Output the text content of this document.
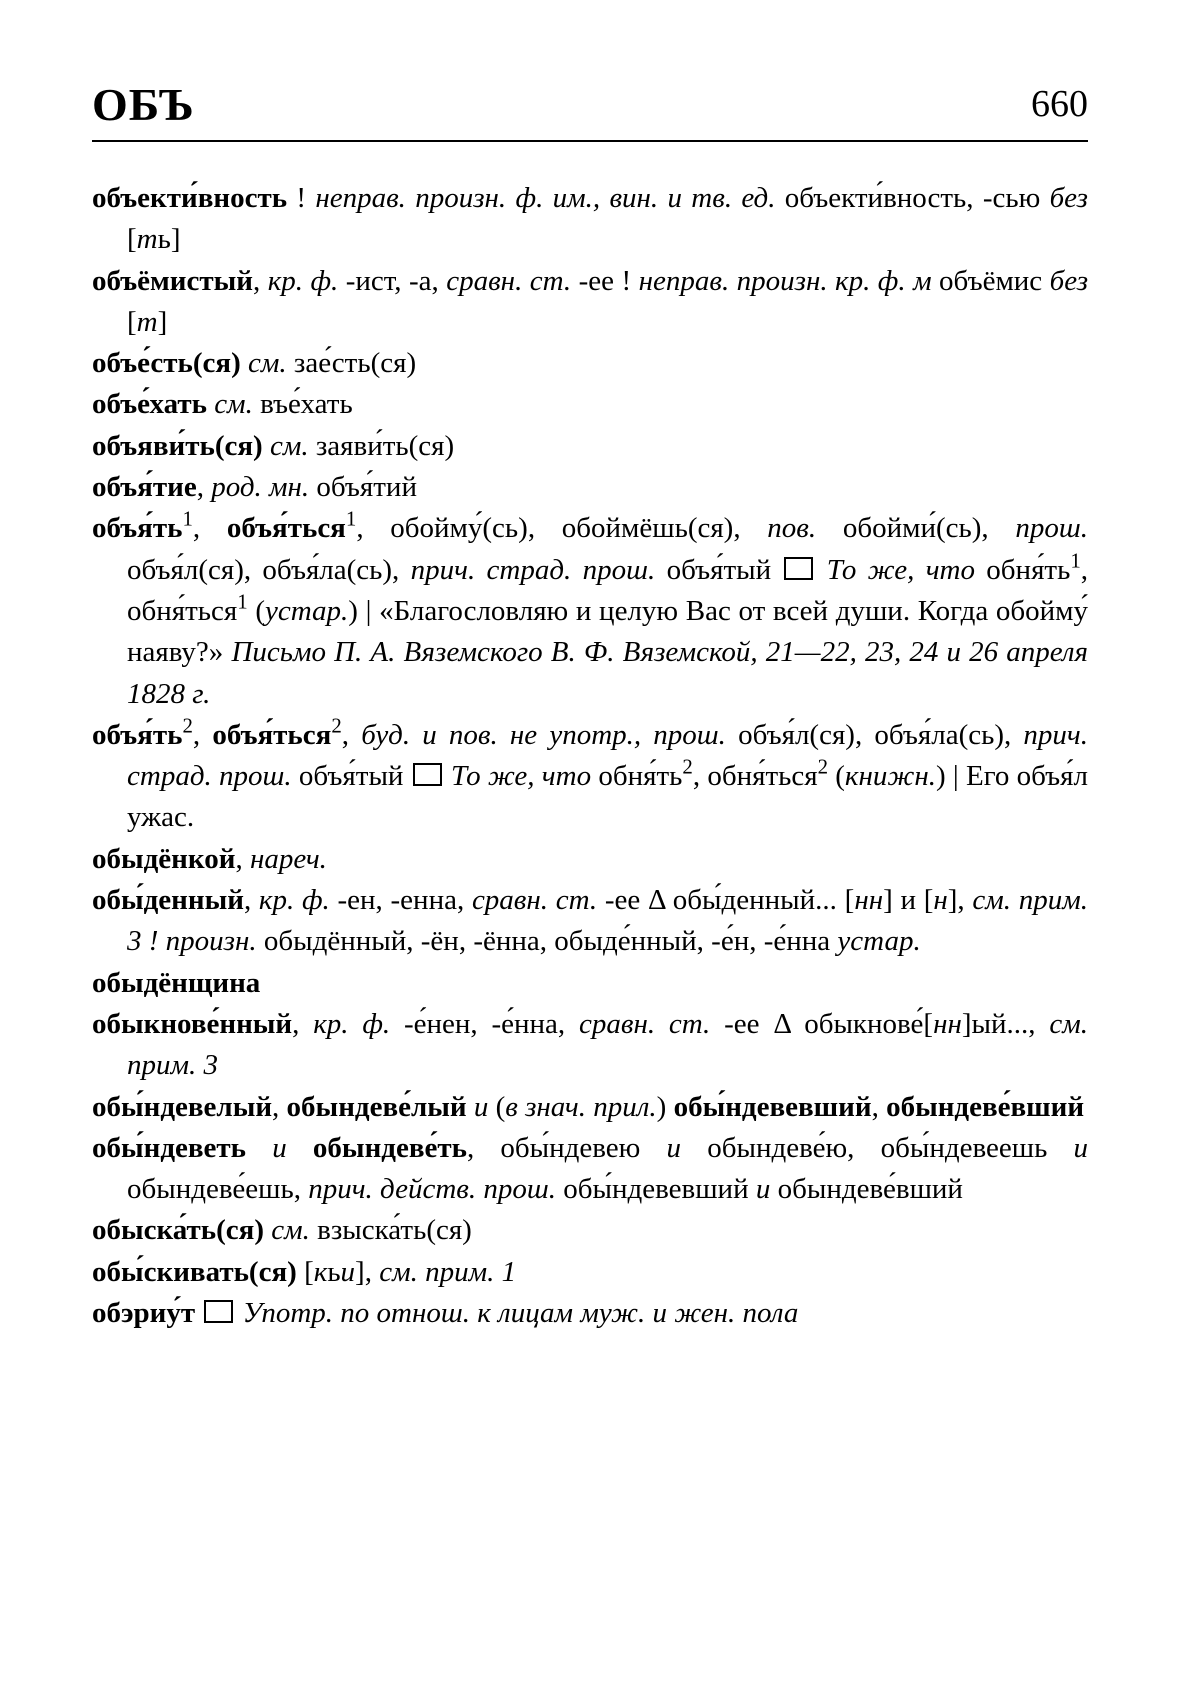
ОБЪ	660
объекти́вность ! неправ. произн. ф. им., вин. и тв. ед. объекти́вность, -сью без [ть]
объёмистый, кр. ф. -ист, -а, сравн. ст. -ее ! неправ. произн. кр. ф. м объёмис без [т]
объе́сть(ся) см. зае́сть(ся)
объе́хать см. въе́хать
объяви́ть(ся) см. заяви́ть(ся)
объя́тие, род. мн. объя́тий
$объя́ть^1$, объя́ться$^1$, обойму́(сь), обоймёшь(ся), пов. обойми́(сь), прош. объя́л(ся), объя́ла(сь), прич. страд. прош. объя́тый  То же, что $обня́ть^1$, обня́ться$^1$ (устар.) | «Благословляю и целую Вас от всей души. Когда обойму́ наяву?» Письмо П. А. Вяземского В. Ф. Вяземской, 21—22, 23, 24 и 26 апреля 1828 г.
$объя́ть^2$, объя́ться$^2$, буд. и пов. не употр., прош. объя́л(ся), объя́ла(сь), прич. страд. прош. объя́тый  То же, что $обня́ть^2$, обня́ться$^2$ (книжн.) | Его объя́л ужас.
обыдёнкой, нареч.
обы́денный, кр. ф. -ен, -енна, сравн. ст. -ее Δ обы́денный... [нн] и [н], см. прим. 3 ! произн. обыдённый, -ён, -ённа, обыде́нный, -е́н, -е́нна устар.
обыдёнщина
обыкнове́нный, кр. ф. -е́нен, -е́нна, сравн. ст. -ее Δ обыкнове́[нн]ый..., см. прим. 3
обы́ндевелый, обындеве́лый и (в знач. прил.) обы́ндевевший, обындеве́вший
обы́ндеветь и обындеве́ть, обы́ндевею и обындеве́ю, обы́ндевеешь и обындеве́ешь, прич. действ. прош. обы́ндевевший и обындеве́вший
обыска́ть(ся) см. взыска́ть(ся)
обы́скивать(ся) [кьи], см. прим. 1
обэриу́т Употр. по отнош. к лицам муж. и жен. пола
